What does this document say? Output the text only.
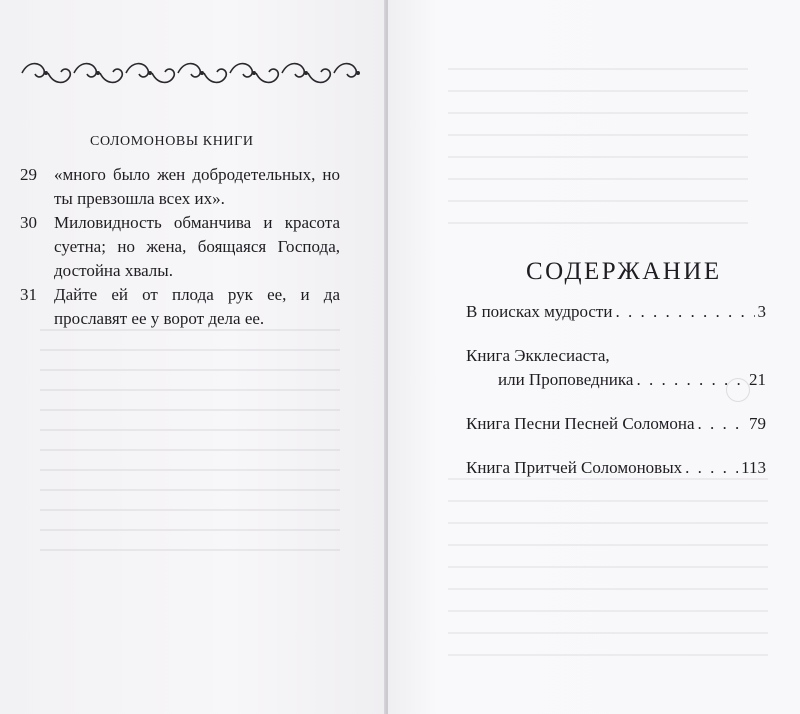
СОЛОМОНОВЫ КНИГИ
29	«много было жен добродетельных, но ты превзошла всех их».
30	Миловидность обманчива и красота суетна; но жена, боящаяся Господа, достойна хвалы.
31	Дайте ей от плода рук ее, и да прославят ее у ворот дела ее.
СОДЕРЖАНИЕ
В поисках мудрости . . .	3
Книга Экклесиаста,
или Проповедника . . .	21
Книга Песни Песней Соломона . . .	79
Книга Притчей Соломоновых . . .	113
